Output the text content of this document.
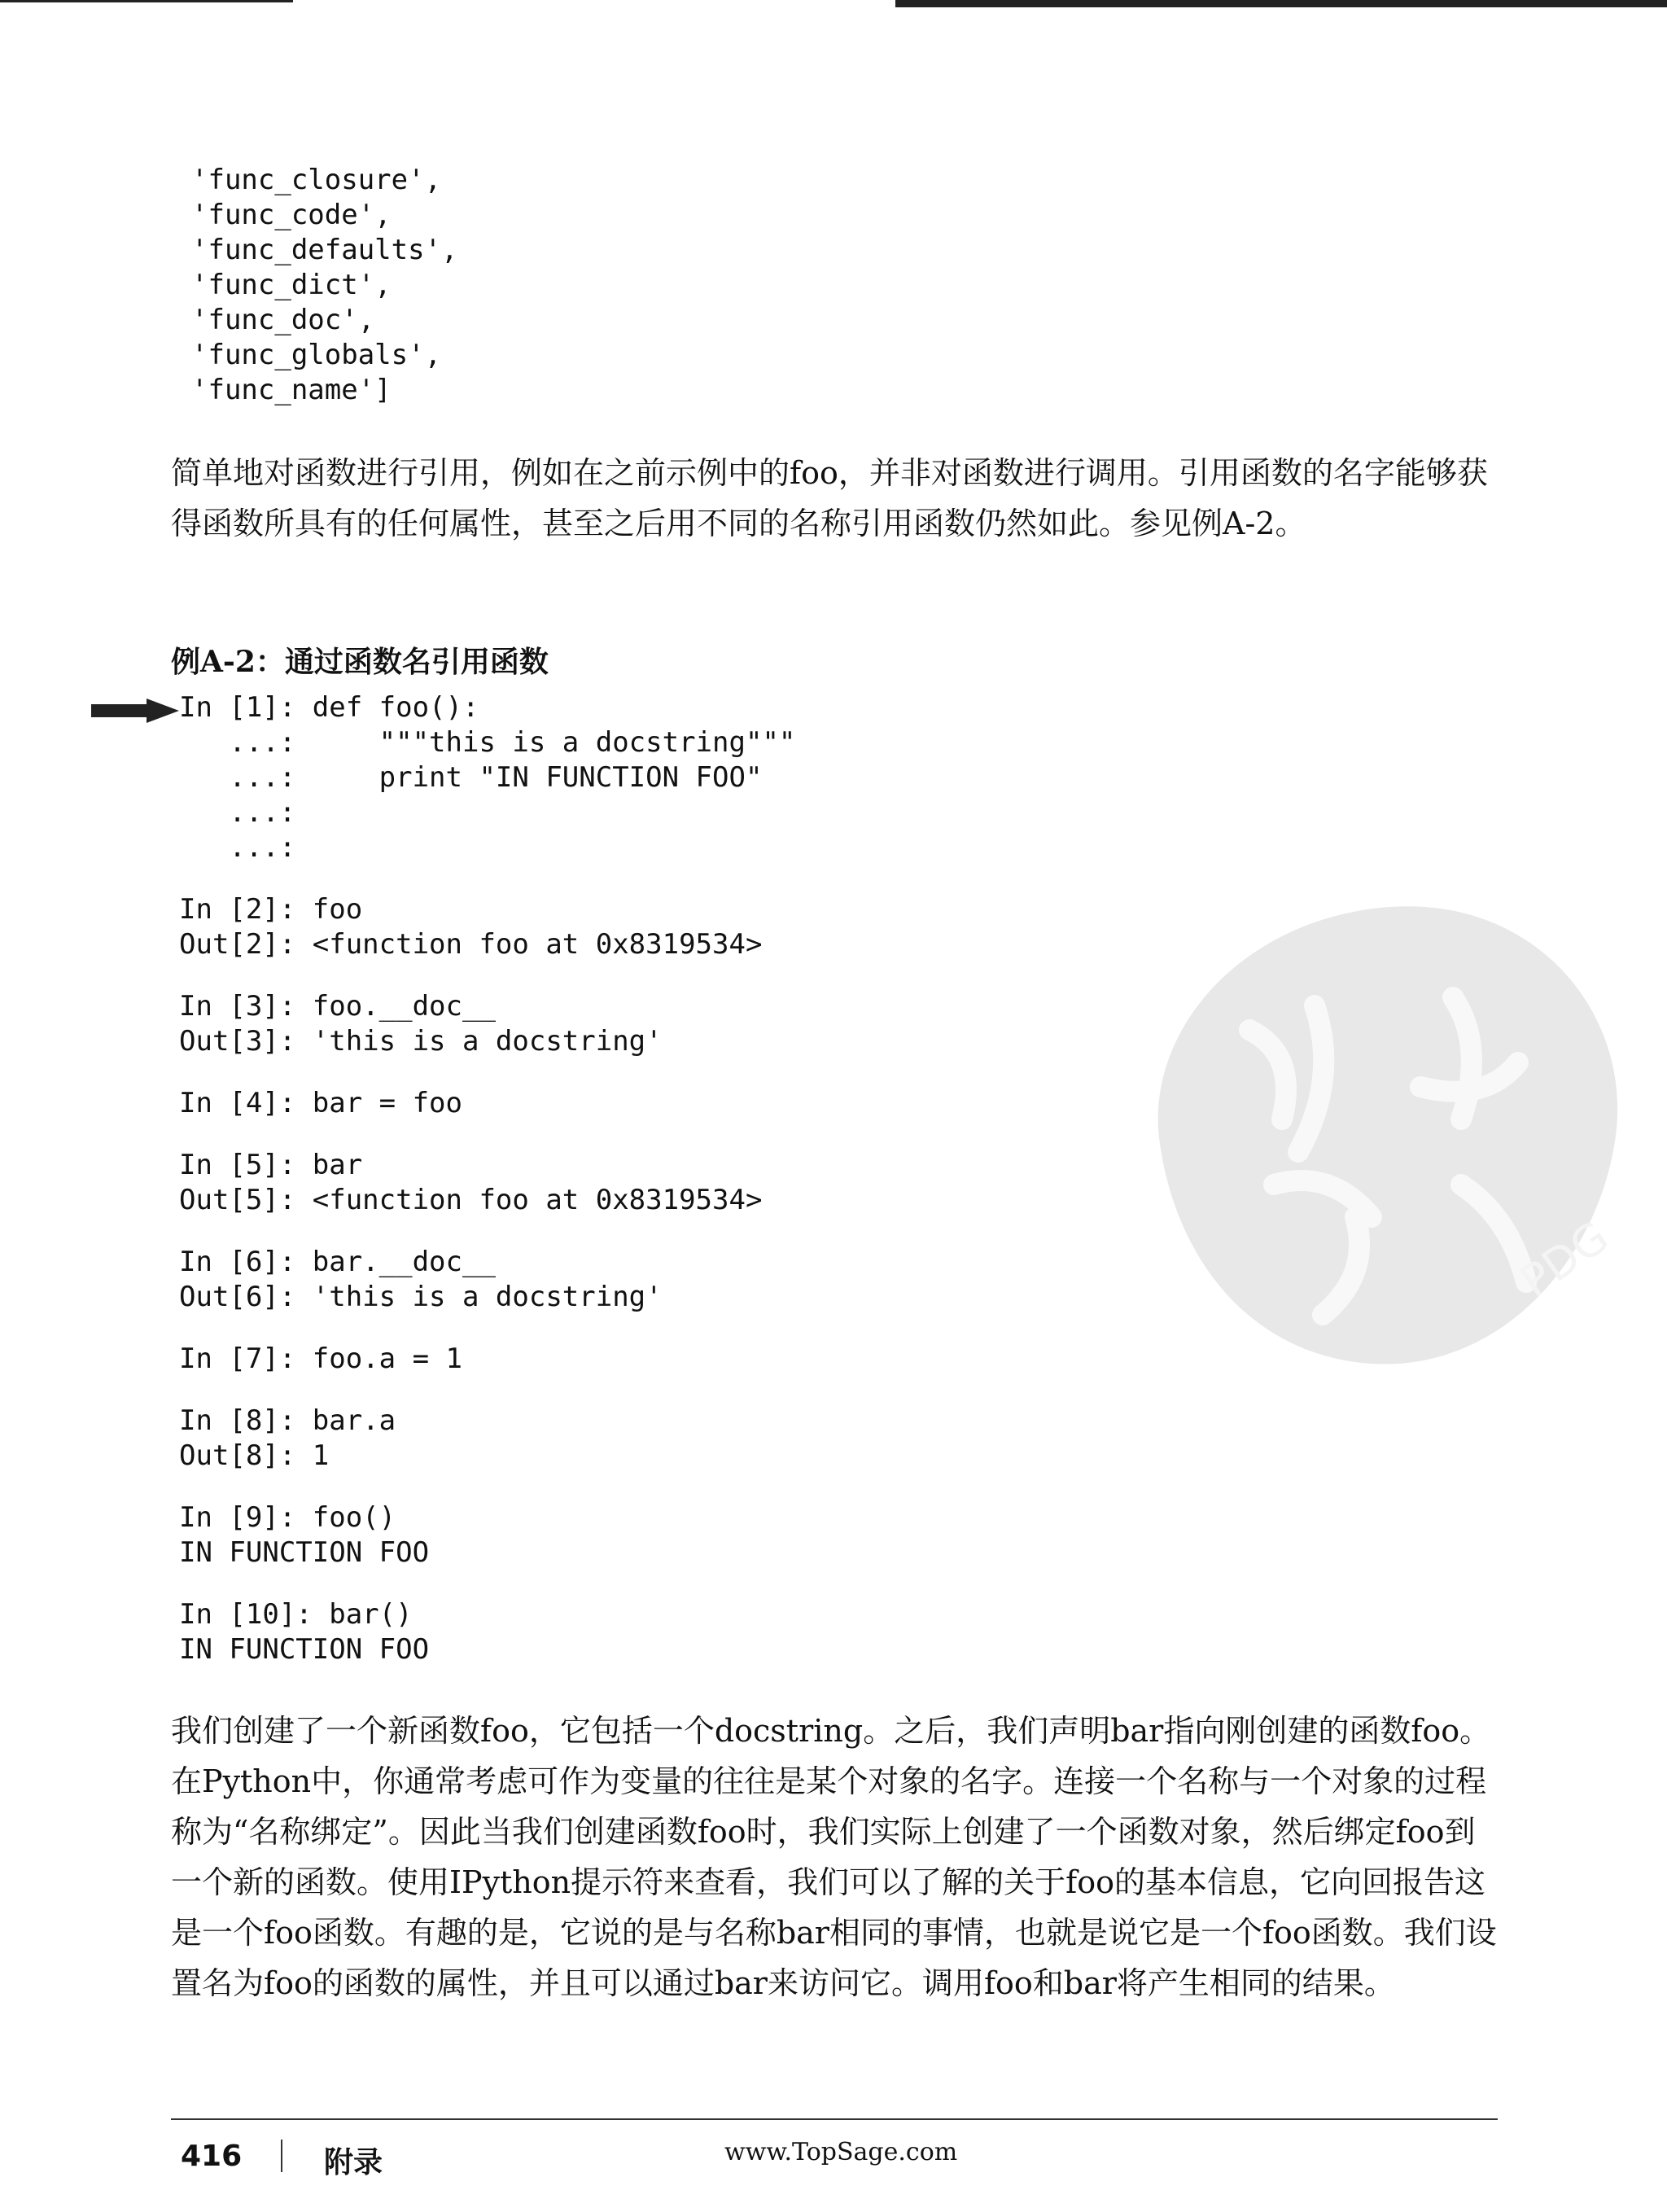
'func_closure',
'func_code',
'func_defaults',
'func_dict',
'func_doc',
'func_globals',
'func_name']
简单地对函数进行引用，例如在之前示例中的foo，并非对函数进行调用。引用函数的名字能够获得函数所具有的任何属性，甚至之后用不同的名称引用函数仍然如此。参见例A-2。
例A-2：通过函数名引用函数
In [1]: def foo():
...:     """this is a docstring"""
...:     print "IN FUNCTION FOO"
...:
...:
In [2]: foo
Out[2]: <function foo at 0x8319534>
In [3]: foo.__doc__
Out[3]: 'this is a docstring'
In [4]: bar = foo
In [5]: bar
Out[5]: <function foo at 0x8319534>
In [6]: bar.__doc__
Out[6]: 'this is a docstring'
In [7]: foo.a = 1
In [8]: bar.a
Out[8]: 1
In [9]: foo()
IN FUNCTION FOO
In [10]: bar()
IN FUNCTION FOO
我们创建了一个新函数foo，它包括一个docstring。之后，我们声明bar指向刚创建的函数foo。在Python中，你通常考虑可作为变量的往往是某个对象的名字。连接一个名称与一个对象的过程称为“名称绑定”。因此当我们创建函数foo时，我们实际上创建了一个函数对象，然后绑定foo到一个新的函数。使用IPython提示符来查看，我们可以了解的关于foo的基本信息，它向回报告这是一个foo函数。有趣的是，它说的是与名称bar相同的事情，也就是说它是一个foo函数。我们设置名为foo的函数的属性，并且可以通过bar来访问它。调用foo和bar将产生相同的结果。
PDG
416	附录	www.TopSage.com
